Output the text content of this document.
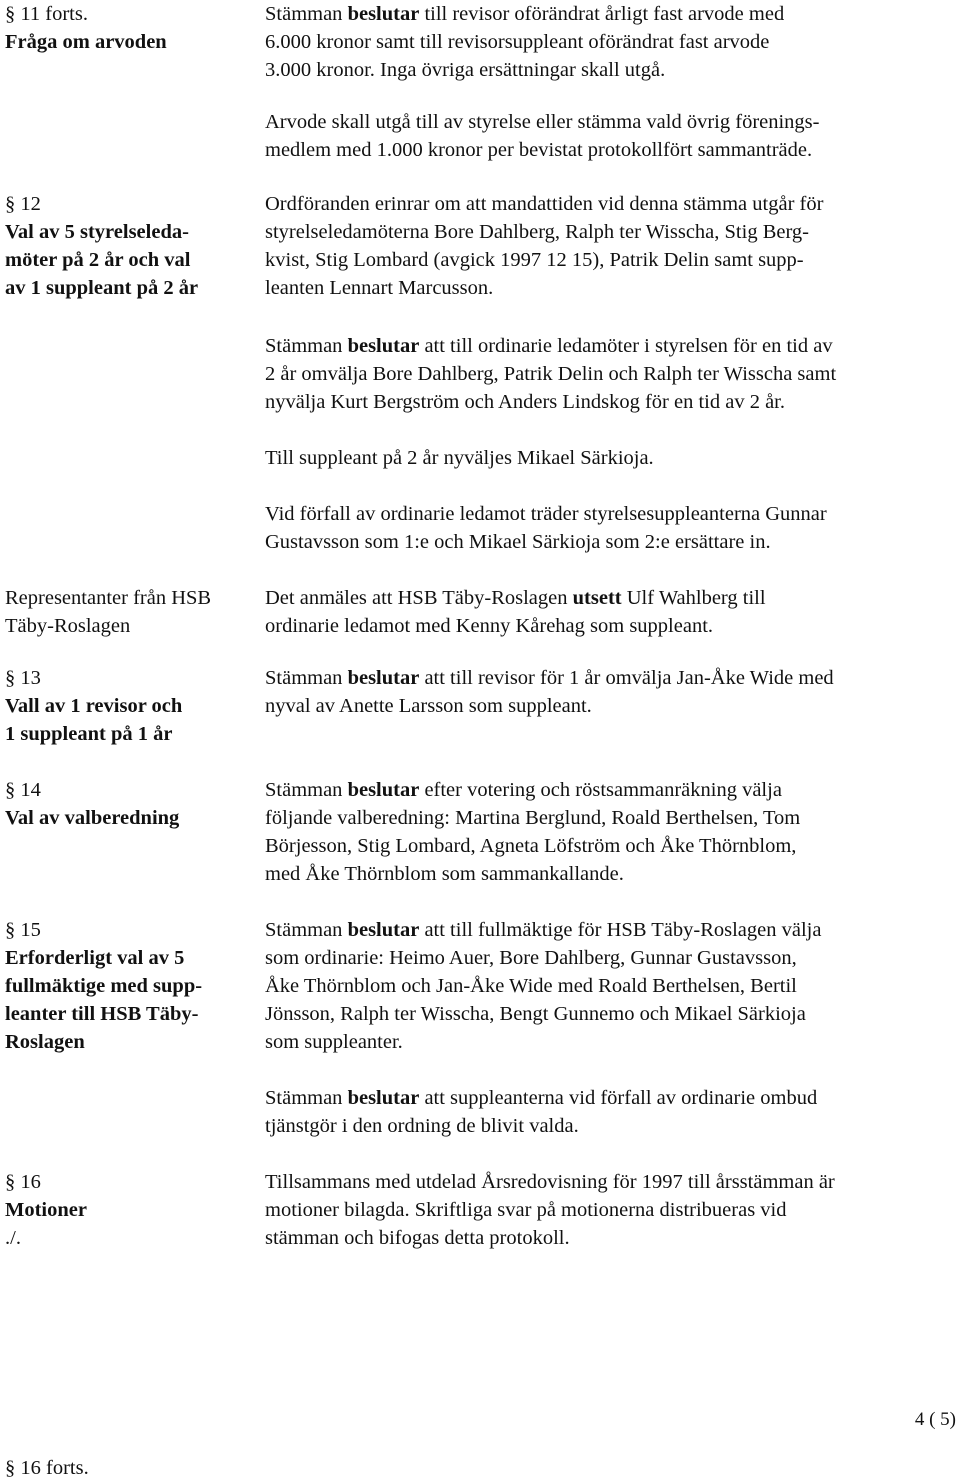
§ 11 forts.
Fråga om arvoden
Stämman beslutar till revisor oförändrat årligt fast arvode med
6.000 kronor samt till revisorsuppleant oförändrat fast arvode
3.000 kronor. Inga övriga ersättningar skall utgå.
Arvode skall utgå till av styrelse eller stämma vald övrig förenings-
medlem med 1.000 kronor per bevistat protokollfört sammanträde.
§ 12
Val av 5 styrelseleda-
möter på 2 år och val
av 1 suppleant på 2 år
Ordföranden erinrar om att mandattiden vid denna stämma utgår för
styrelseledamöterna Bore Dahlberg, Ralph ter Wisscha, Stig Berg-
kvist, Stig Lombard (avgick 1997 12 15), Patrik Delin samt supp-
leanten Lennart Marcusson.
Stämman beslutar att till ordinarie ledamöter i styrelsen för en tid av
2 år omvälja Bore Dahlberg, Patrik Delin och Ralph ter Wisscha samt
nyvälja Kurt Bergström och Anders Lindskog för en tid av 2 år.
Till suppleant på 2 år nyväljes Mikael Särkioja.
Vid förfall av ordinarie ledamot träder styrelsesuppleanterna Gunnar
Gustavsson som 1:e och Mikael Särkioja som 2:e ersättare in.
Representanter från HSB
Täby-Roslagen
Det anmäles att HSB Täby-Roslagen utsett Ulf Wahlberg till
ordinarie ledamot med Kenny Kårehag som suppleant.
§ 13
Vall av 1 revisor och
1 suppleant på 1 år
Stämman beslutar att till revisor för 1 år omvälja Jan-Åke Wide med
nyval av Anette Larsson som suppleant.
§ 14
Val av valberedning
Stämman beslutar efter votering och röstsammanräkning välja
följande valberedning: Martina Berglund, Roald Berthelsen, Tom
Börjesson, Stig Lombard, Agneta Löfström och Åke Thörnblom,
med Åke Thörnblom som sammankallande.
§ 15
Erforderligt val av 5
fullmäktige med supp-
leanter till HSB Täby-
Roslagen
Stämman beslutar att till fullmäktige för HSB Täby-Roslagen välja
som ordinarie: Heimo Auer, Bore Dahlberg, Gunnar Gustavsson,
Åke Thörnblom och Jan-Åke Wide med Roald Berthelsen, Bertil
Jönsson, Ralph ter Wisscha, Bengt Gunnemo och Mikael Särkioja
som suppleanter.
Stämman beslutar att suppleanterna vid förfall av ordinarie ombud
tjänstgör i den ordning de blivit valda.
§ 16
Motioner
./.
Tillsammans med utdelad Årsredovisning för 1997 till årsstämman är
motioner bilagda. Skriftliga svar på motionerna distribueras vid
stämman och bifogas detta protokoll.
4 ( 5)
§ 16 forts.
